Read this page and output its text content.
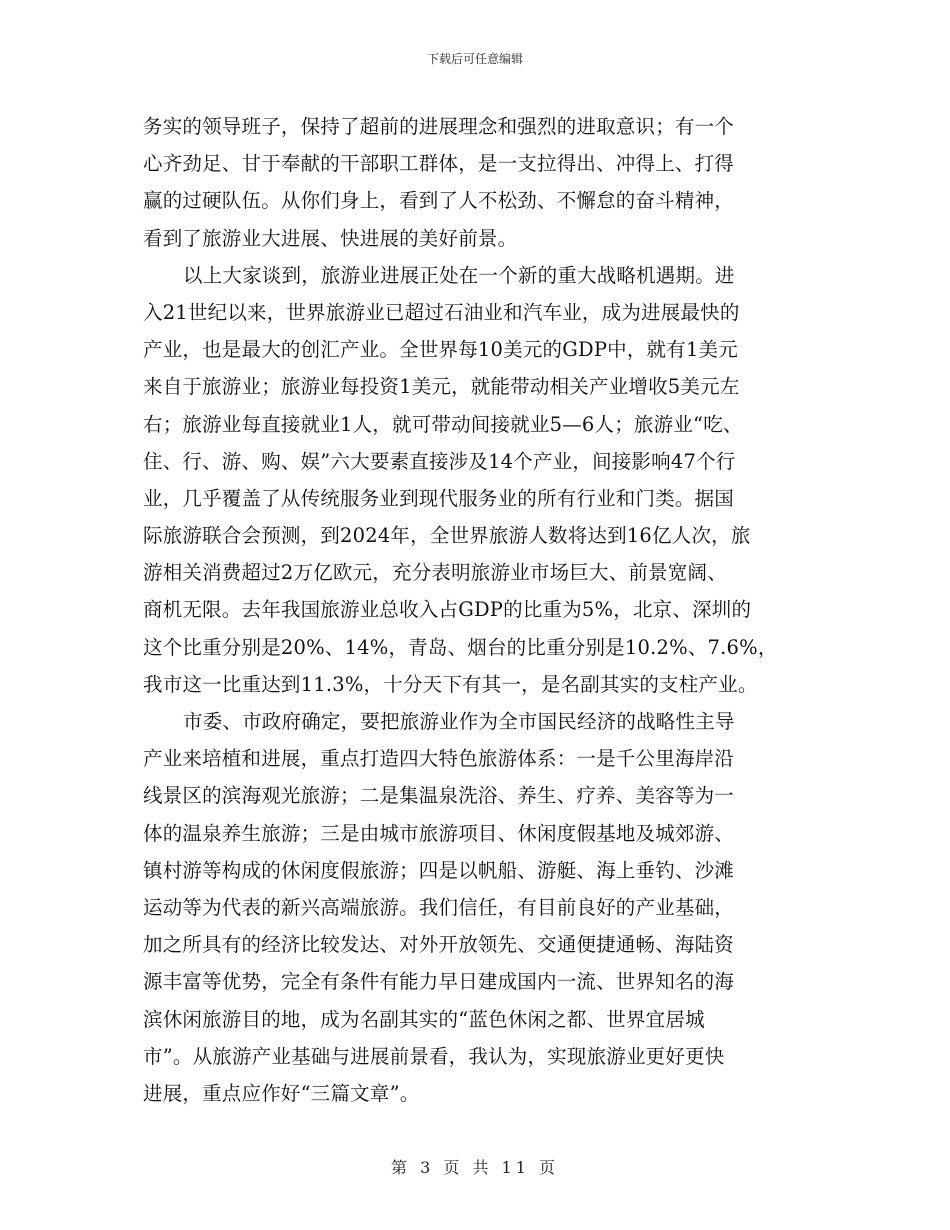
下载后可任意编辑
务实的领导班子，保持了超前的进展理念和强烈的进取意识；有一个
心齐劲足、甘于奉献的干部职工群体，是一支拉得出、冲得上、打得
赢的过硬队伍。从你们身上，看到了人不松劲、不懈怠的奋斗精神，
看到了旅游业大进展、快进展的美好前景。
以上大家谈到，旅游业进展正处在一个新的重大战略机遇期。进
入21世纪以来，世界旅游业已超过石油业和汽车业，成为进展最快的
产业，也是最大的创汇产业。全世界每10美元的GDP中，就有1美元
来自于旅游业；旅游业每投资1美元，就能带动相关产业增收5美元左
右；旅游业每直接就业1人，就可带动间接就业5—6人；旅游业“吃、
住、行、游、购、娱”六大要素直接涉及14个产业，间接影响47个行
业，几乎覆盖了从传统服务业到现代服务业的所有行业和门类。据国
际旅游联合会预测，到2024年，全世界旅游人数将达到16亿人次，旅
游相关消费超过2万亿欧元，充分表明旅游业市场巨大、前景宽阔、
商机无限。去年我国旅游业总收入占GDP的比重为5%，北京、深圳的
这个比重分别是20%、14%，青岛、烟台的比重分别是10.2%、7.6%，
我市这一比重达到11.3%，十分天下有其一，是名副其实的支柱产业。
市委、市政府确定，要把旅游业作为全市国民经济的战略性主导
产业来培植和进展，重点打造四大特色旅游体系：一是千公里海岸沿
线景区的滨海观光旅游；二是集温泉洗浴、养生、疗养、美容等为一
体的温泉养生旅游；三是由城市旅游项目、休闲度假基地及城郊游、
镇村游等构成的休闲度假旅游；四是以帆船、游艇、海上垂钓、沙滩
运动等为代表的新兴高端旅游。我们信任，有目前良好的产业基础，
加之所具有的经济比较发达、对外开放领先、交通便捷通畅、海陆资
源丰富等优势，完全有条件有能力早日建成国内一流、世界知名的海
滨休闲旅游目的地，成为名副其实的“蓝色休闲之都、世界宜居城
市”。从旅游产业基础与进展前景看，我认为，实现旅游业更好更快
进展，重点应作好“三篇文章”。
第 3 页 共 11 页
